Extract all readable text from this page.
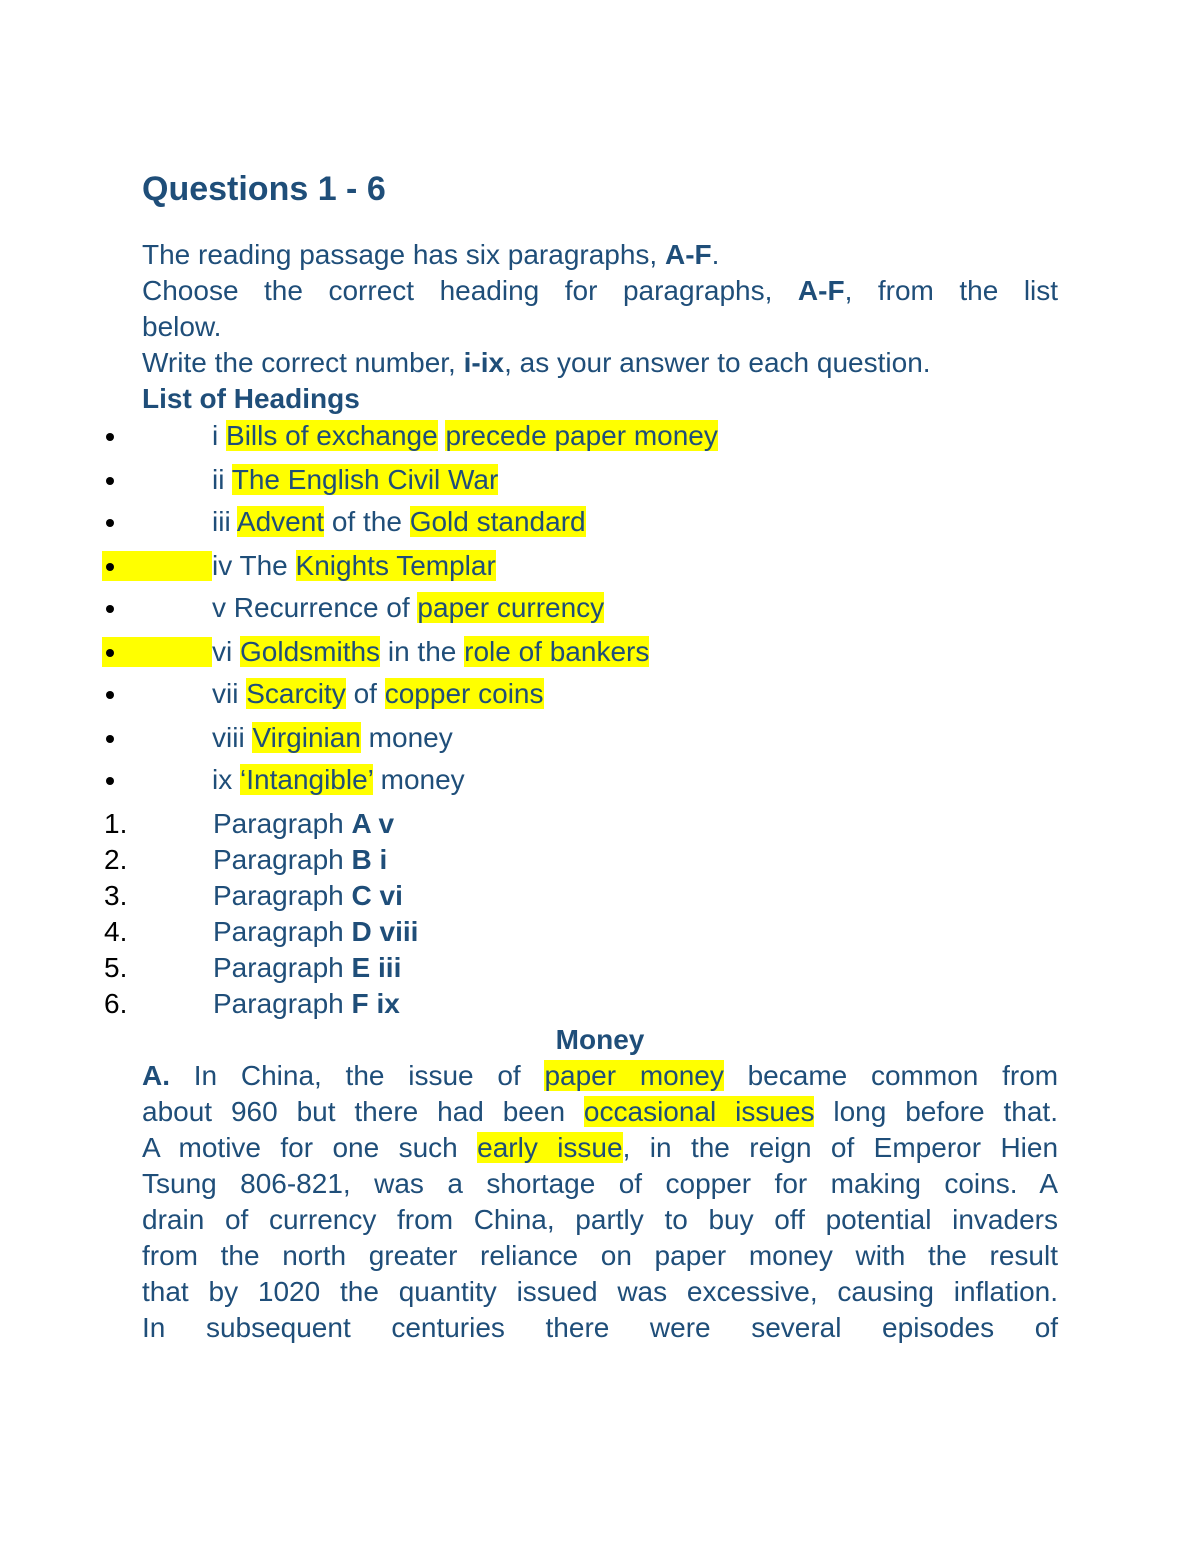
Questions 1 - 6
The reading passage has six paragraphs, A-F.
Choose the correct heading for paragraphs, A-F, from the list
below.
Write the correct number, i-ix, as your answer to each question.
List of Headings
i Bills of exchange precede paper money
ii The English Civil War
iii Advent of the Gold standard
iv The Knights Templar
v Recurrence of paper currency
vi Goldsmiths in the role of bankers
vii Scarcity of copper coins
viii Virginian money
ix ‘Intangible’ money
1.	Paragraph A v
2.	Paragraph B i
3.	Paragraph C vi
4.	Paragraph D viii
5.	Paragraph E iii
6.	Paragraph F ix
Money
A. In China, the issue of paper money became common from
about 960 but there had been occasional issues long before that.
A motive for one such early issue, in the reign of Emperor Hien
Tsung 806-821, was a shortage of copper for making coins. A
drain of currency from China, partly to buy off potential invaders
from the north greater reliance on paper money with the result
that by 1020 the quantity issued was excessive, causing inflation.
In subsequent centuries there were several episodes of
